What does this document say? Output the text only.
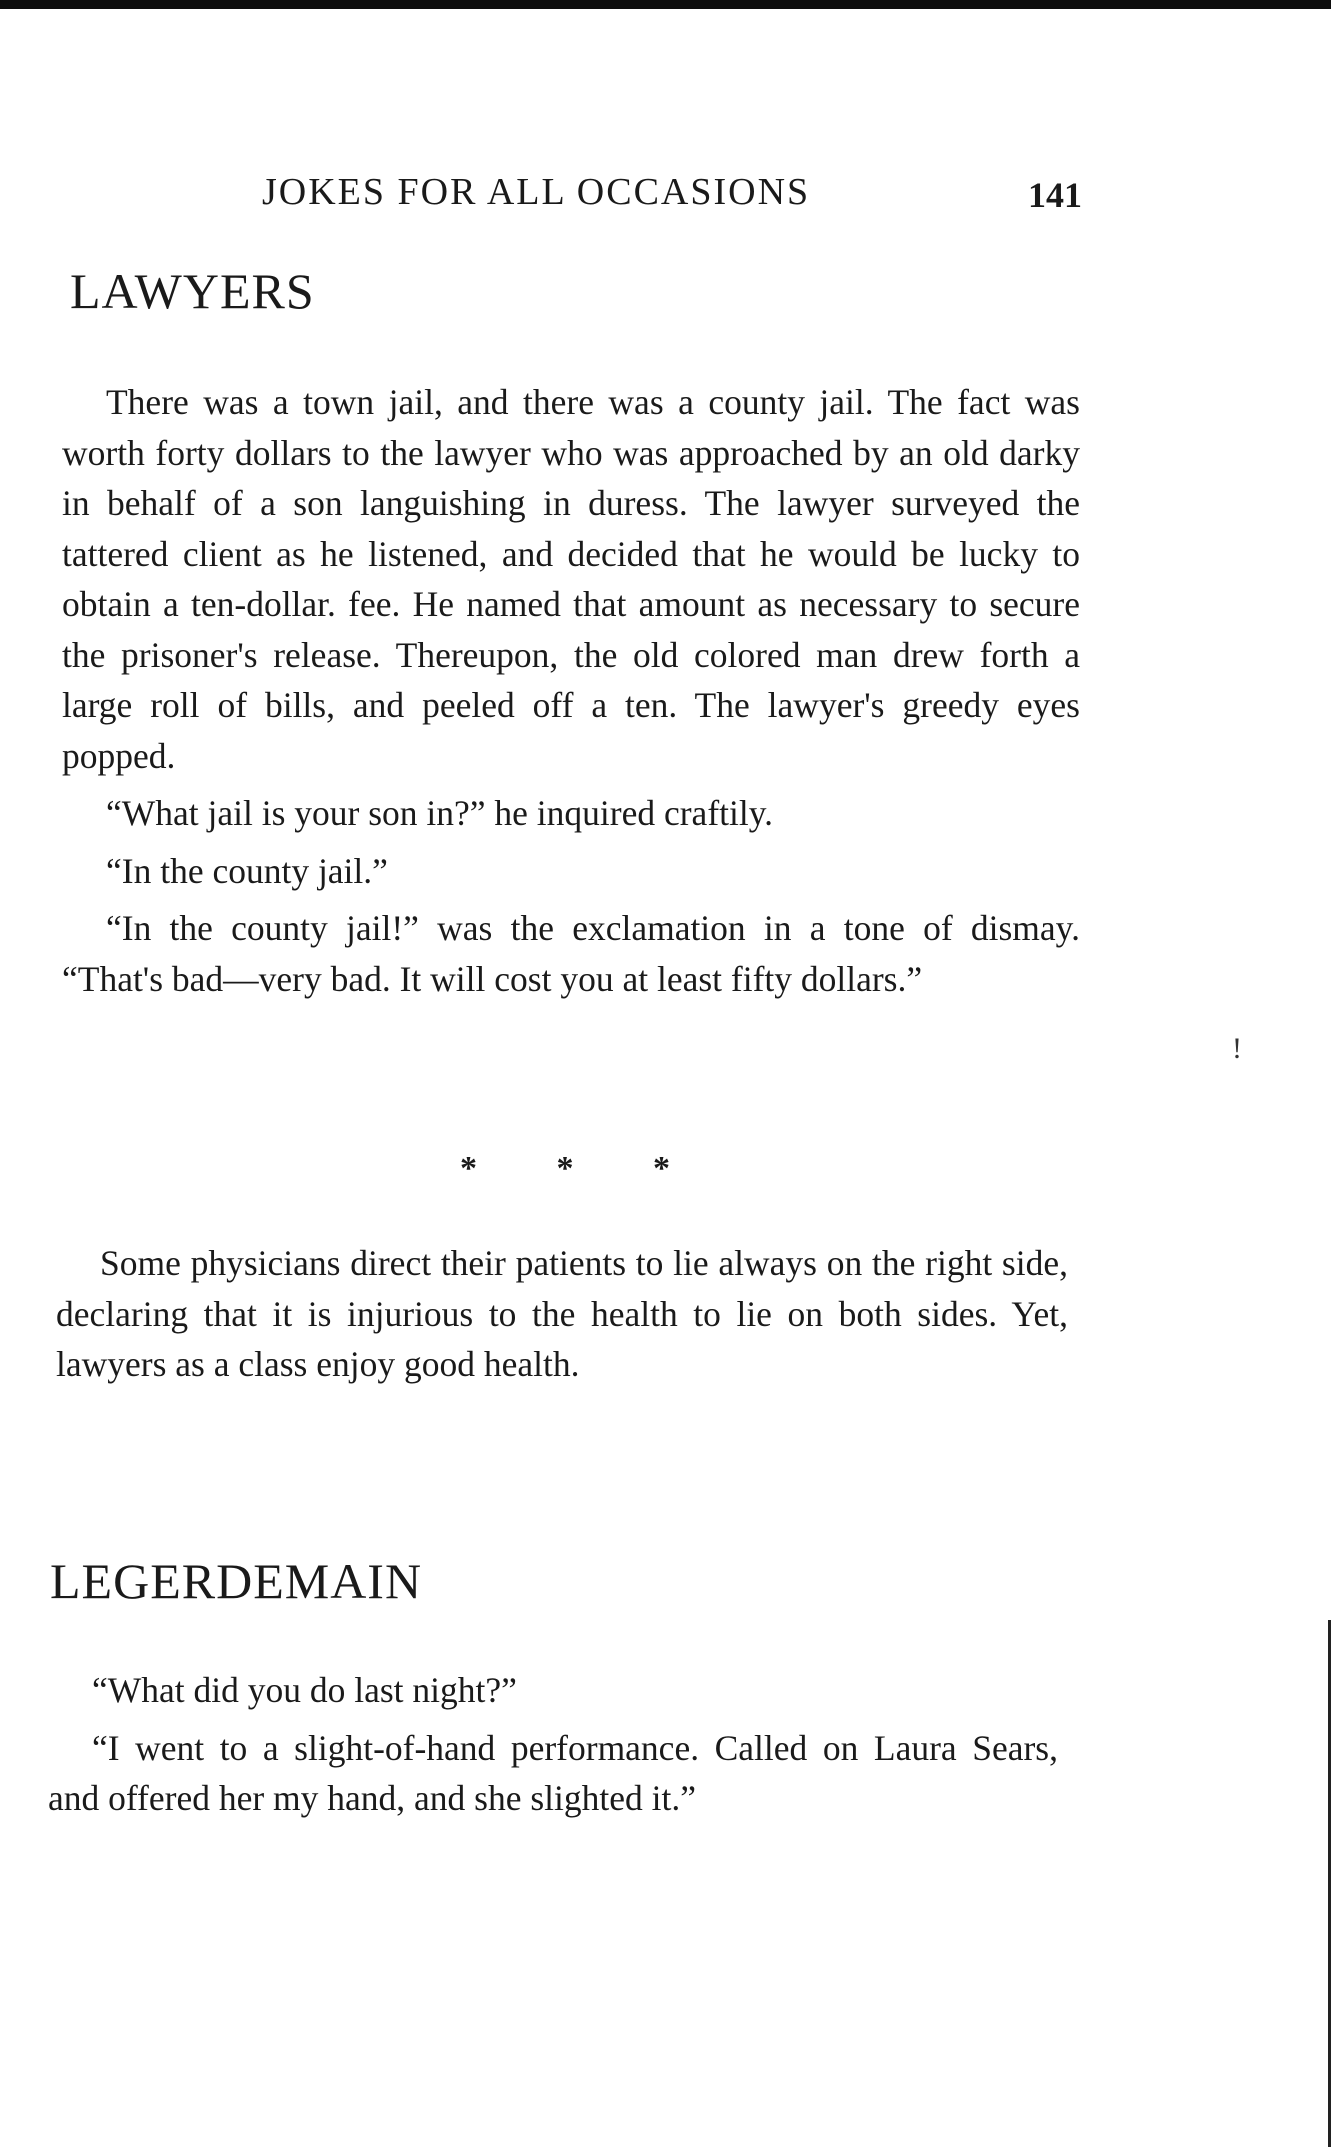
!
JOKES FOR ALL OCCASIONS	141
LAWYERS

There was a town jail, and there was a county jail. The fact was worth forty dollars to the lawyer who was approached by an old darky in behalf of a son languishing in duress. The lawyer surveyed the tattered client as he listened, and decided that he would be lucky to obtain a ten-dollar. fee. He named that amount as necessary to secure the prisoner's release. Thereupon, the old colored man drew forth a large roll of bills, and peeled off a ten. The lawyer's greedy eyes popped.

“What jail is your son in?” he inquired craftily.

“In the county jail.”

“In the county jail!” was the exclamation in a tone of dismay. “That's bad—very bad. It will cost you at least fifty dollars.”

* * *

Some physicians direct their patients to lie always on the right side, declaring that it is injurious to the health to lie on both sides. Yet, lawyers as a class enjoy good health.

LEGERDEMAIN

“What did you do last night?”

“I went to a slight-of-hand performance. Called on Laura Sears, and offered her my hand, and she slighted it.”
